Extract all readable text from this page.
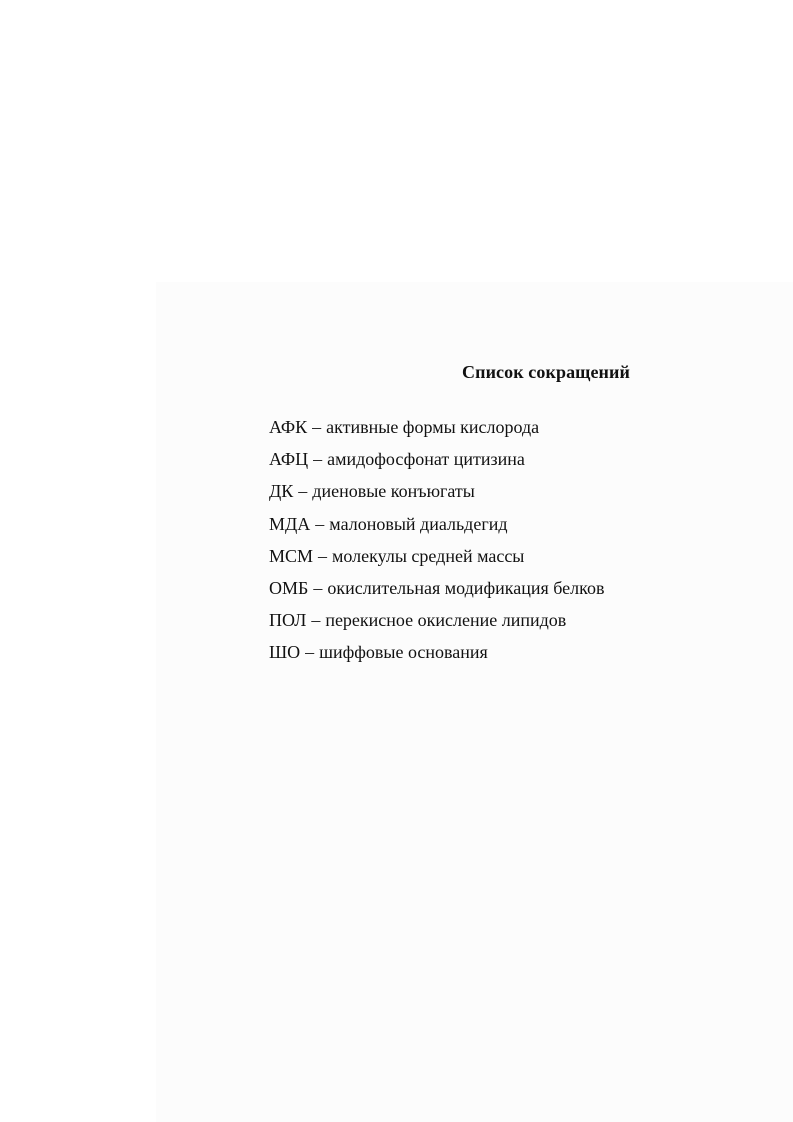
Список сокращений
АФК – активные формы кислорода
АФЦ – амидофосфонат цитизина
ДК – диеновые конъюгаты
МДА – малоновый диальдегид
МСМ – молекулы средней массы
ОМБ – окислительная модификация белков
ПОЛ – перекисное окисление липидов
ШО – шиффовые основания
